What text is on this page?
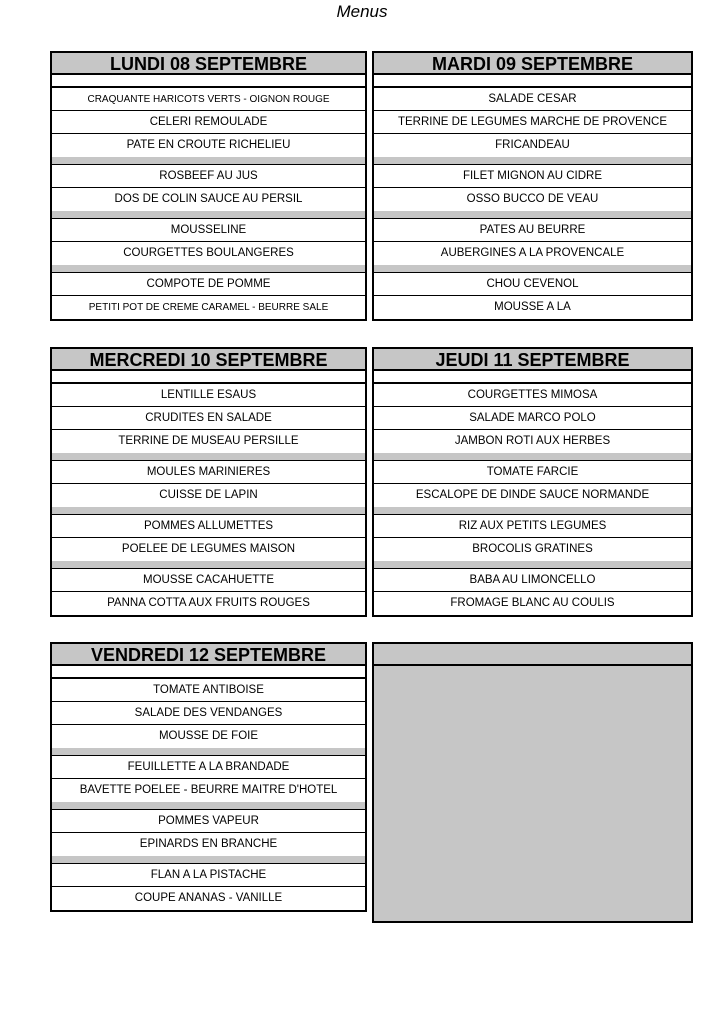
Menus
LUNDI 08 SEPTEMBRE
CRAQUANTE HARICOTS VERTS - OIGNON ROUGE
CELERI REMOULADE
PATE EN CROUTE RICHELIEU
ROSBEEF AU JUS
DOS DE COLIN SAUCE AU PERSIL
MOUSSELINE
COURGETTES BOULANGERES
COMPOTE DE POMME
PETITI POT DE CREME CARAMEL - BEURRE SALE
MARDI 09 SEPTEMBRE
SALADE CESAR
TERRINE DE LEGUMES MARCHE DE PROVENCE
FRICANDEAU
FILET MIGNON AU CIDRE
OSSO BUCCO DE VEAU
PATES AU BEURRE
AUBERGINES A LA PROVENCALE
CHOU CEVENOL
MOUSSE A LA
MERCREDI 10 SEPTEMBRE
LENTILLE ESAUS
CRUDITES EN SALADE
TERRINE DE MUSEAU PERSILLE
MOULES MARINIERES
CUISSE DE LAPIN
POMMES ALLUMETTES
POELEE DE LEGUMES MAISON
MOUSSE CACAHUETTE
PANNA COTTA AUX FRUITS ROUGES
JEUDI 11 SEPTEMBRE
COURGETTES MIMOSA
SALADE MARCO POLO
JAMBON ROTI AUX HERBES
TOMATE FARCIE
ESCALOPE DE DINDE SAUCE NORMANDE
RIZ AUX PETITS LEGUMES
BROCOLIS GRATINES
BABA AU LIMONCELLO
FROMAGE BLANC AU COULIS
VENDREDI 12 SEPTEMBRE
TOMATE ANTIBOISE
SALADE DES VENDANGES
MOUSSE DE FOIE
FEUILLETTE A LA BRANDADE
BAVETTE POELEE - BEURRE MAITRE D'HOTEL
POMMES VAPEUR
EPINARDS EN BRANCHE
FLAN A LA PISTACHE
COUPE ANANAS - VANILLE
